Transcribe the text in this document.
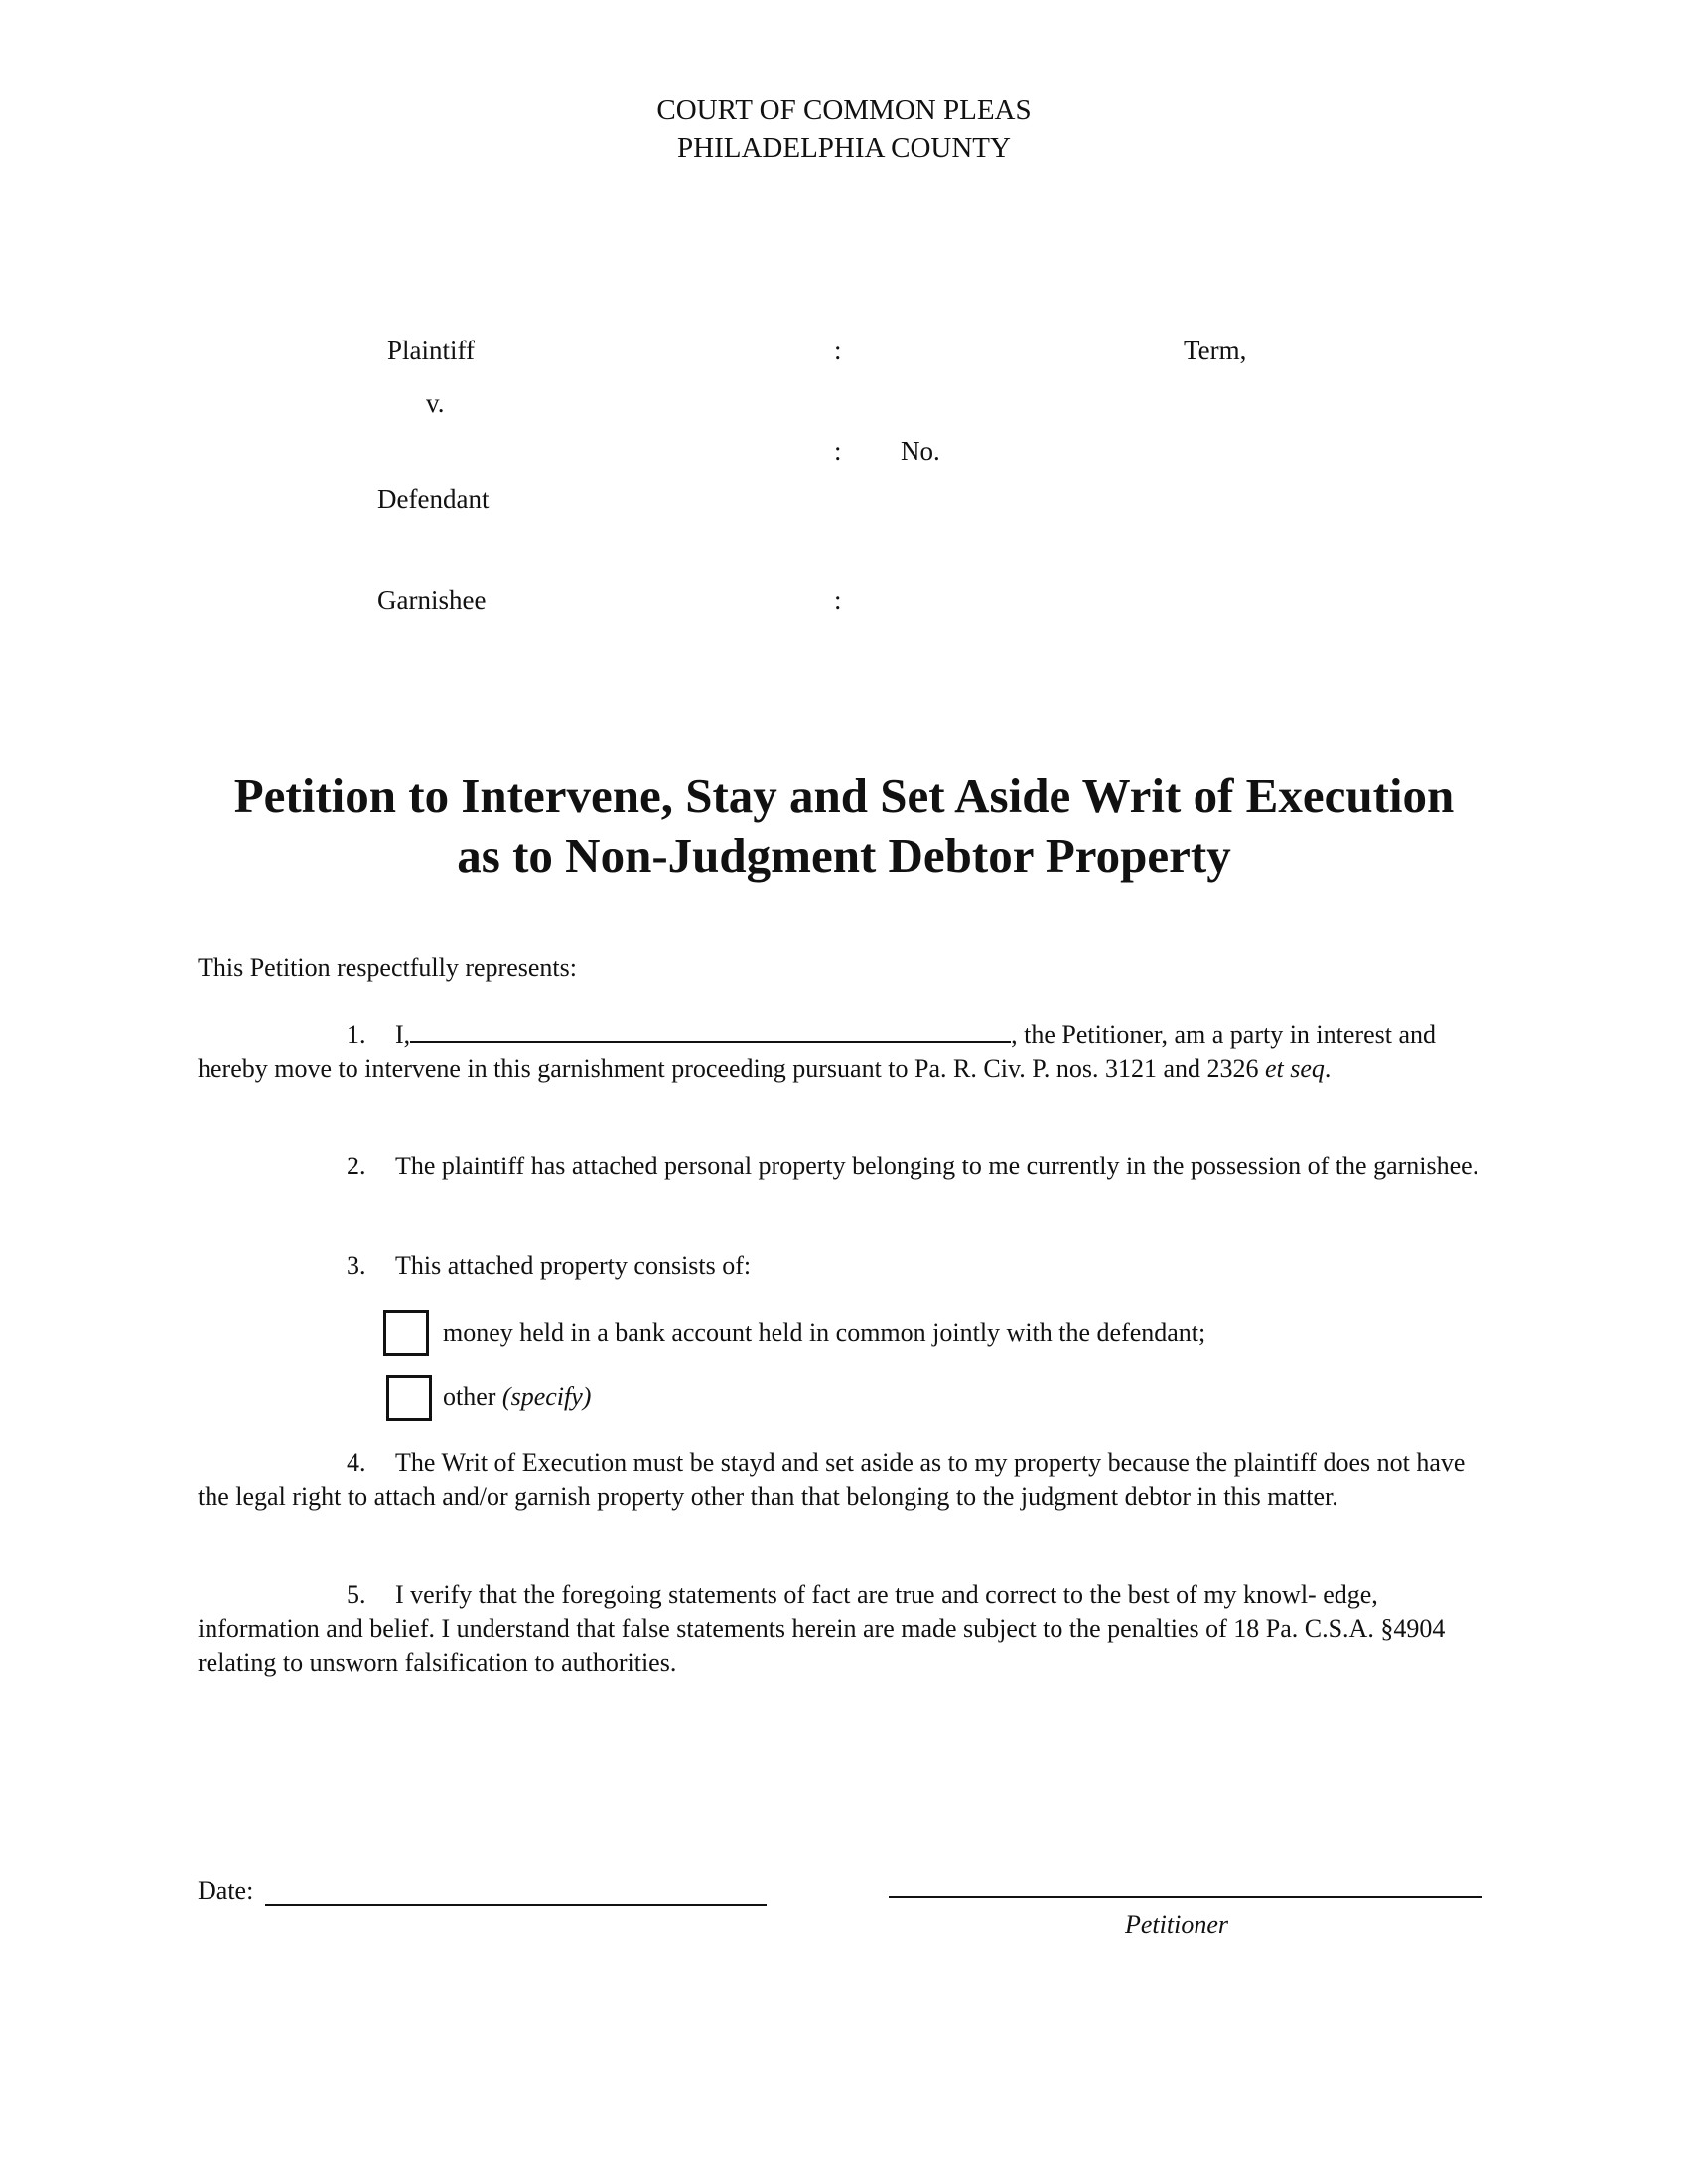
COURT OF COMMON PLEAS
PHILADELPHIA COUNTY
Plaintiff	:	Term,
v.
: No.
Defendant
Garnishee	:
Petition to Intervene, Stay and Set Aside Writ of Execution
as to Non-Judgment Debtor Property
This Petition respectfully represents:
1. I,	, the Petitioner, am a party in interest and hereby move to intervene in this garnishment proceeding pursuant to Pa. R. Civ. P. nos. 3121 and 2326 et seq.
2. The plaintiff has attached personal property belonging to me currently in the possession of the garnishee.
3. This attached property consists of:
money held in a bank account held in common jointly with the defendant;
other (specify)
4. The Writ of Execution must be stayd and set aside as to my property because the plaintiff does not have the legal right to attach and/or garnish property other than that belonging to the judgment debtor in this matter.
5. I verify that the foregoing statements of fact are true and correct to the best of my knowl- edge, information and belief. I understand that false statements herein are made subject to the penalties of 18 Pa. C.S.A. §4904 relating to unsworn falsification to authorities.
Date:
Petitioner
